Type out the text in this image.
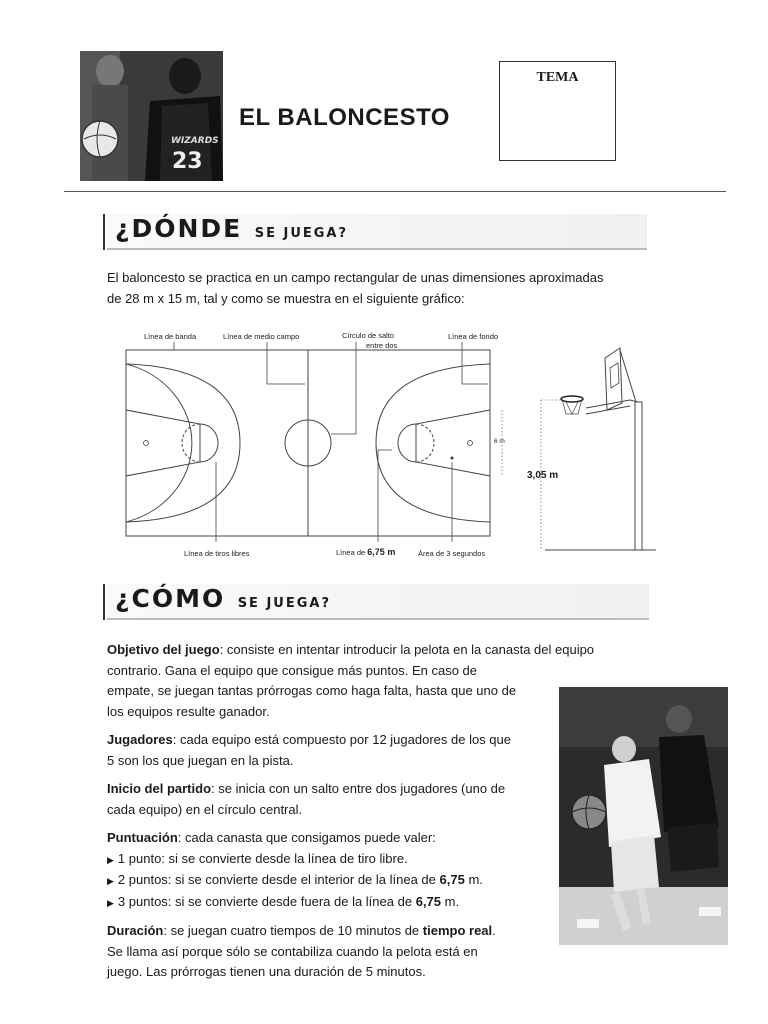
WIZARDS
23
EL BALONCESTO
TEMA
¿DÓNDE SE JUEGA?
El baloncesto se practica en un campo rectangular de unas dimensiones aproximadas
de 28 m x 15 m, tal y como se muestra en el siguiente gráfico:
Línea de banda	Línea de medio campo	Círculo de salto
entre dos
Línea de fondo
6 m
Línea de tiros libres	Línea de 6,75 m	Área de 3 segundos
3,05 m
¿CÓMO SE JUEGA?
Objetivo del juego: consiste en intentar introducir la pelota en la canasta del equipo
contrario. Gana el equipo que consigue más puntos. En caso de
empate, se juegan tantas prórrogas como haga falta, hasta que uno de
los equipos resulte ganador.
Jugadores: cada equipo está compuesto por 12 jugadores de los que
5 son los que juegan en la pista.
Inicio del partido: se inicia con un salto entre dos jugadores (uno de
cada equipo) en el círculo central.
Puntuación: cada canasta que consigamos puede valer:
▶ 1 punto: si se convierte desde la línea de tiro libre.
▶ 2 puntos: si se convierte desde el interior de la línea de 6,75 m.
▶ 3 puntos: si se convierte desde fuera de la línea de 6,75 m.
Duración: se juegan cuatro tiempos de 10 minutos de tiempo real.
Se llama así porque sólo se contabiliza cuando la pelota está en
juego. Las prórrogas tienen una duración de 5 minutos.
